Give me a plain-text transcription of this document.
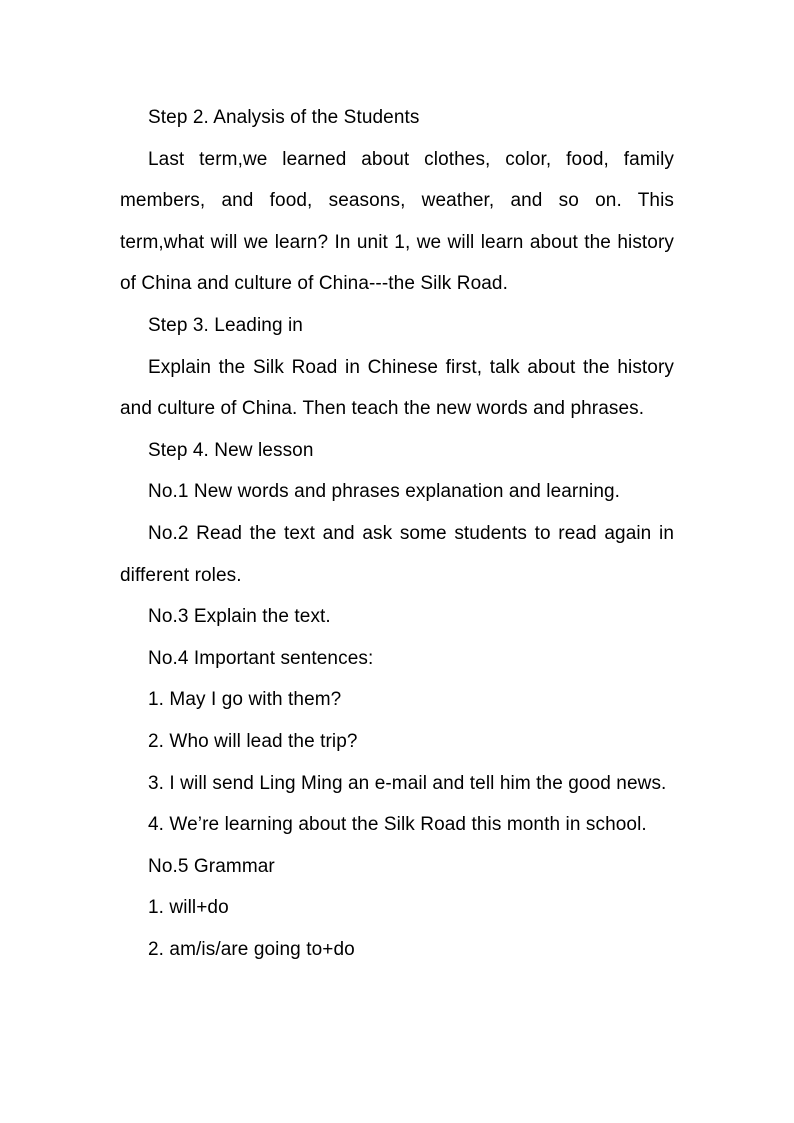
Step 2. Analysis of the Students

Last term,we learned about clothes, color, food, family members, and food, seasons, weather, and so on. This term,what will we learn? In unit 1, we will learn about the history of China and culture of China---the Silk Road.

Step 3. Leading in

Explain the Silk Road in Chinese first, talk about the history and culture of China. Then teach the new words and phrases.

Step 4. New lesson

No.1 New words and phrases explanation and learning.

No.2 Read the text and ask some students to read again in different roles.

No.3 Explain the text.

No.4 Important sentences:

1. May I go with them?

2. Who will lead the trip?

3. I will send Ling Ming an e-mail and tell him the good news.

4. We’re learning about the Silk Road this month in school.

No.5 Grammar

1. will+do

2. am/is/are going to+do
